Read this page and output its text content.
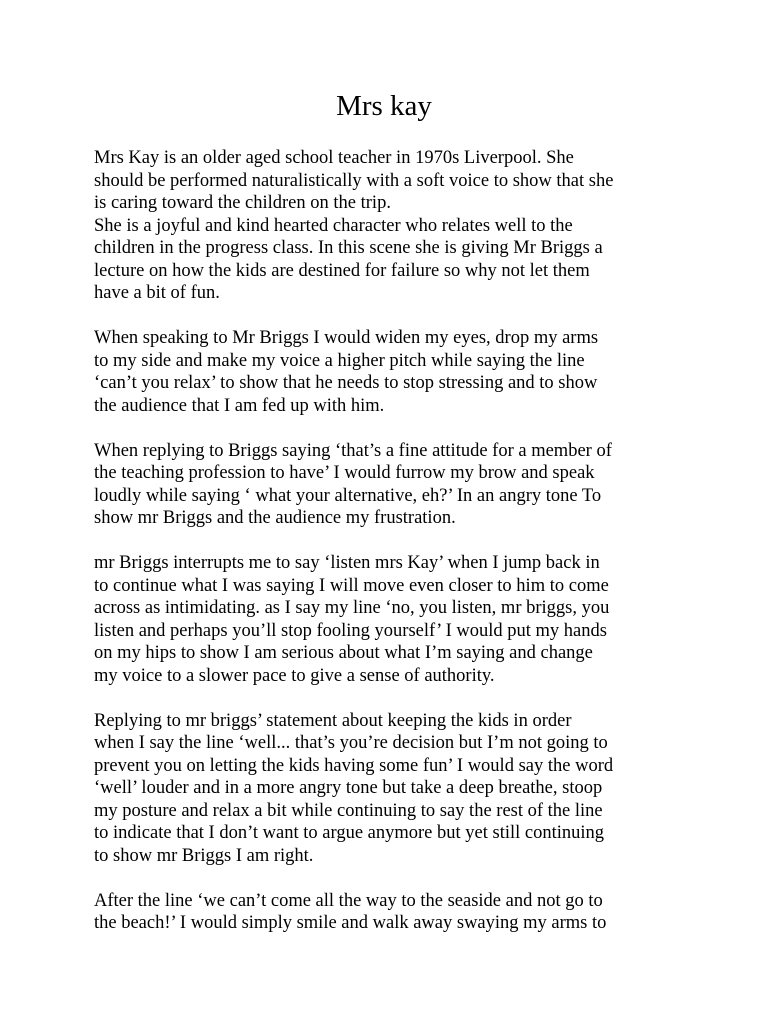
Mrs kay
Mrs Kay is an older aged school teacher in 1970s Liverpool. She
should be performed naturalistically with a soft voice to show that she
is caring toward the children on the trip.
She is a joyful and kind hearted character who relates well to the
children in the progress class. In this scene she is giving Mr Briggs a
lecture on how the kids are destined for failure so why not let them
have a bit of fun.
When speaking to Mr Briggs I would widen my eyes, drop my arms
to my side and make my voice a higher pitch while saying the line
‘can’t you relax’ to show that he needs to stop stressing and to show
the audience that I am fed up with him.
When replying to Briggs saying ‘that’s a fine attitude for a member of
the teaching profession to have’ I would furrow my brow and speak
loudly while saying ‘ what your alternative, eh?’ In an angry tone To
show mr Briggs and the audience my frustration.
mr Briggs interrupts me to say ‘listen mrs Kay’ when I jump back in
to continue what I was saying I will move even closer to him to come
across as intimidating. as I say my line ‘no, you listen, mr briggs, you
listen and perhaps you’ll stop fooling yourself’ I would put my hands
on my hips to show I am serious about what I’m saying and change
my voice to a slower pace to give a sense of authority.
Replying to mr briggs’ statement about keeping the kids in order
when I say the line ‘well... that’s you’re decision but I’m not going to
prevent you on letting the kids having some fun’ I would say the word
‘well’ louder and in a more angry tone but take a deep breathe, stoop
my posture and relax a bit while continuing to say the rest of the line
to indicate that I don’t want to argue anymore but yet still continuing
to show mr Briggs I am right.
After the line ‘we can’t come all the way to the seaside and not go to
the beach!’ I would simply smile and walk away swaying my arms to
